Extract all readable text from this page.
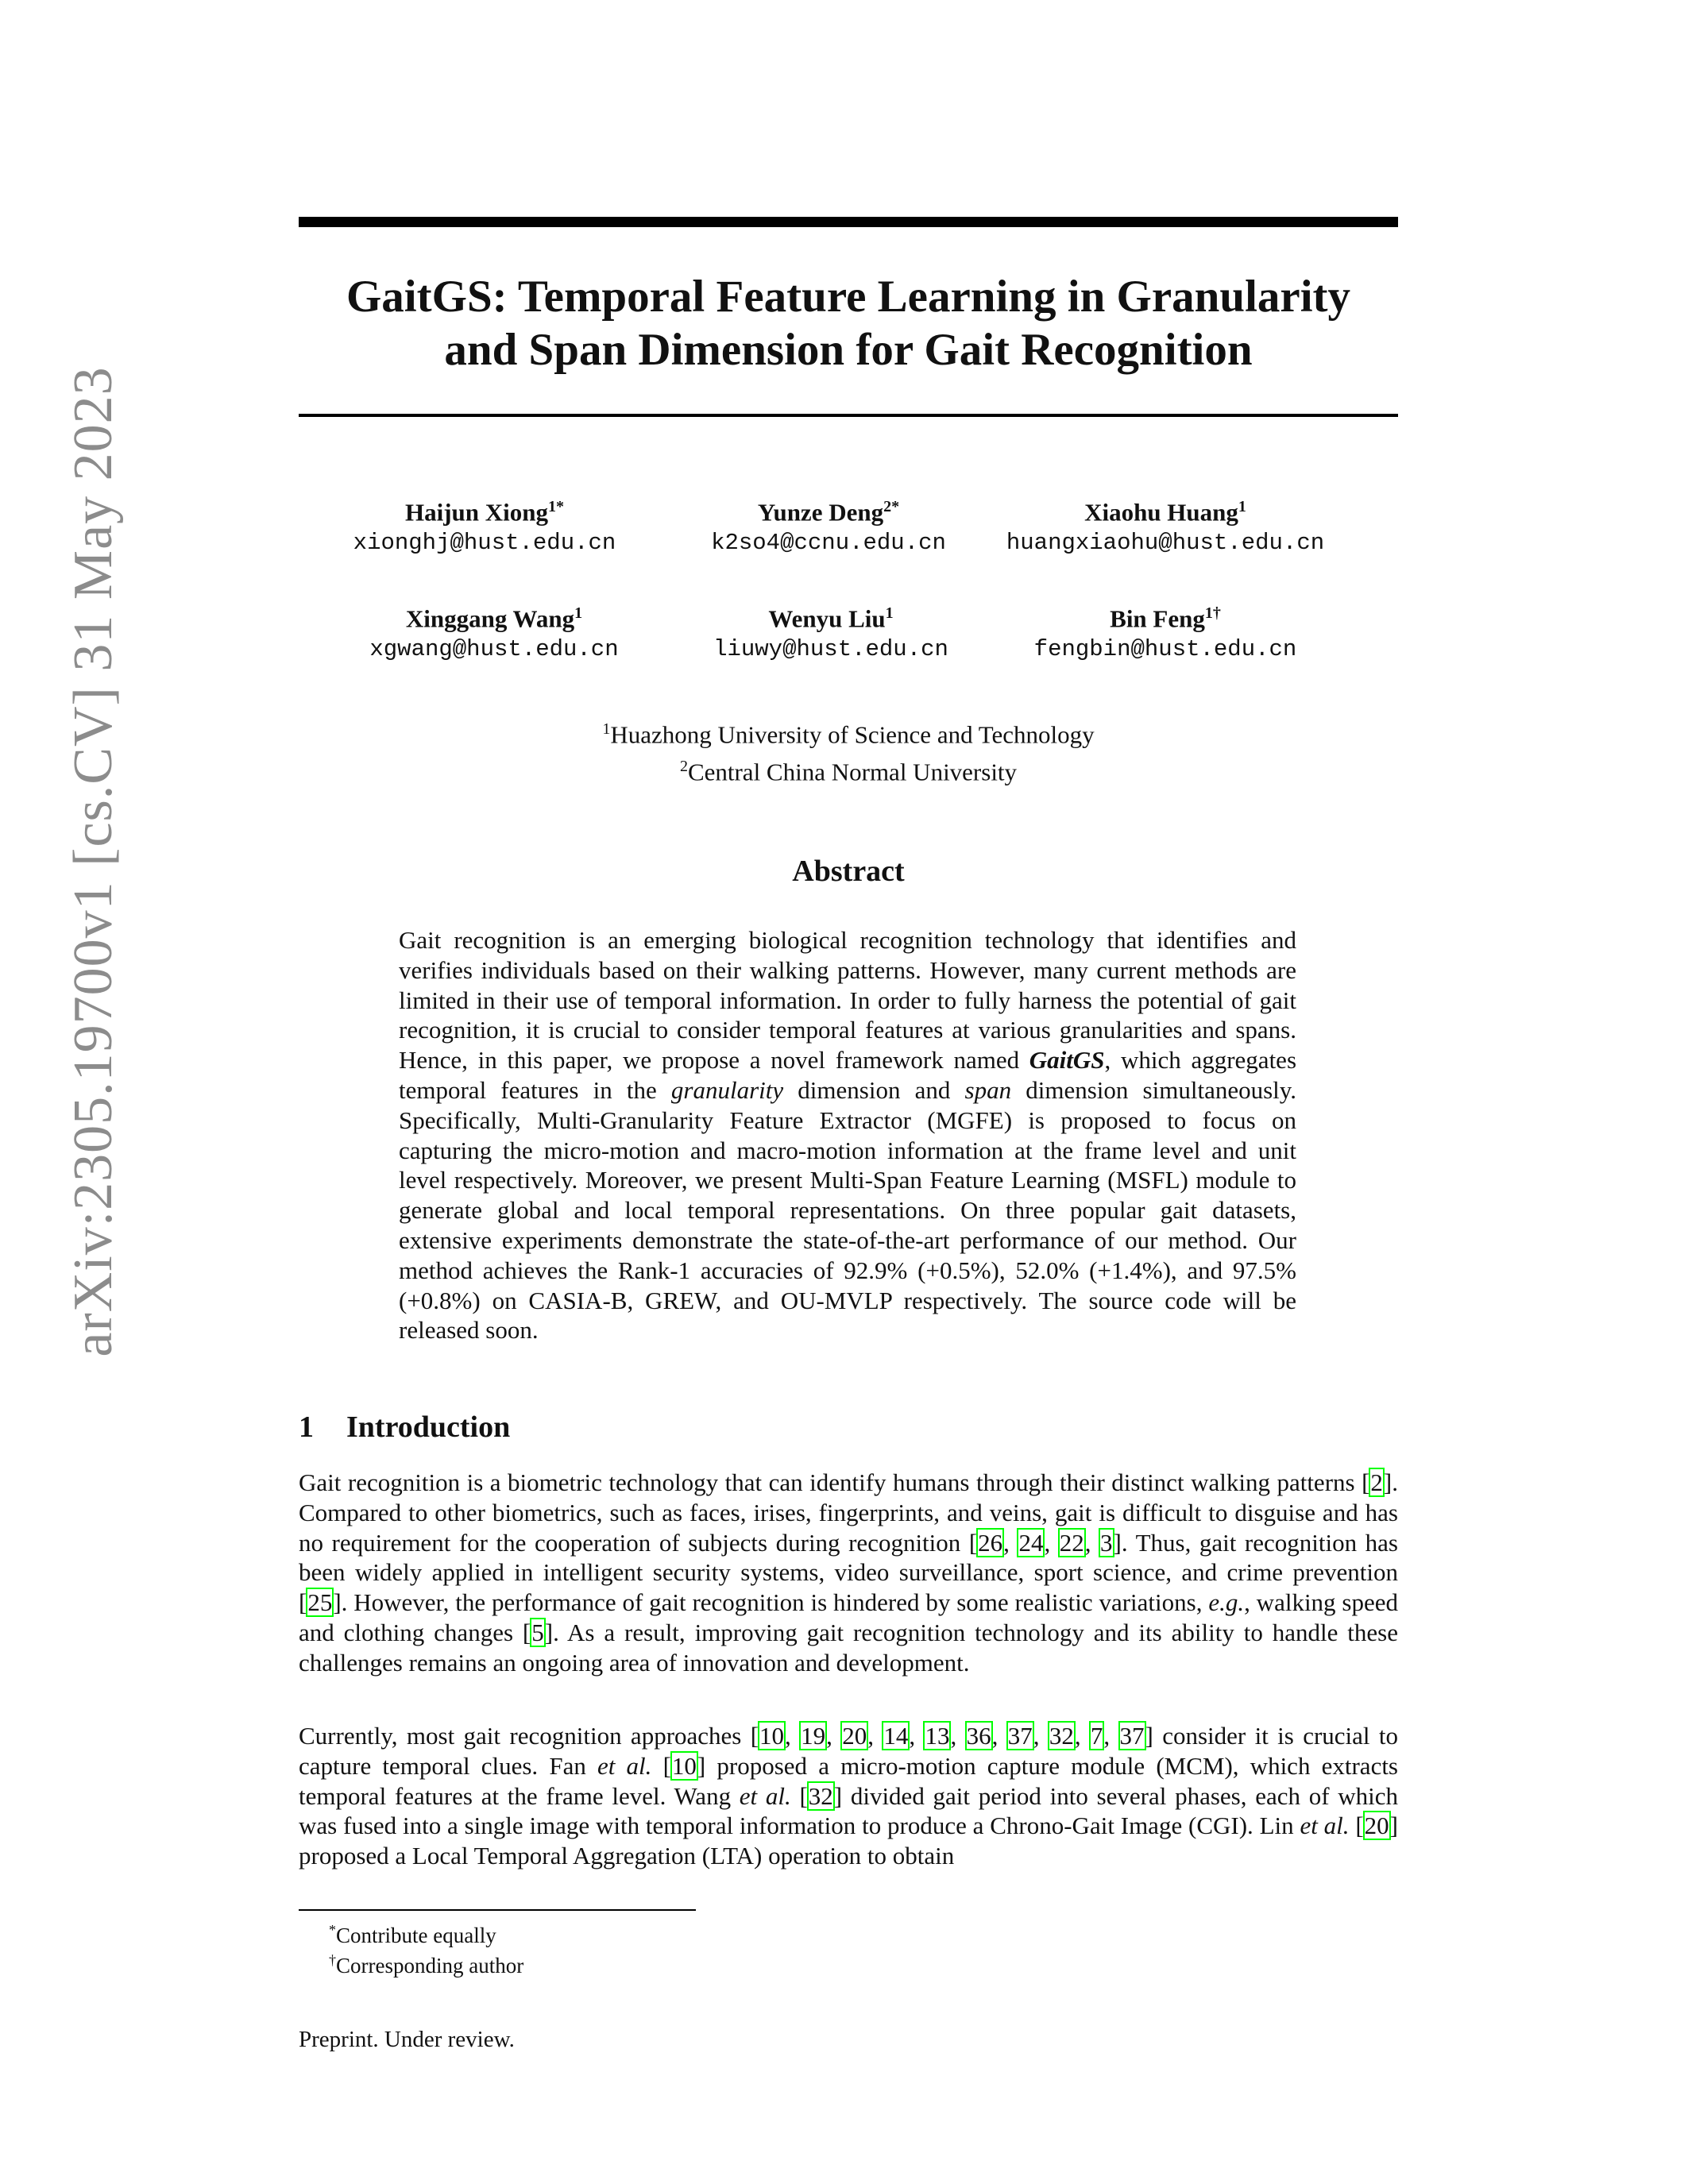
arXiv:2305.19700v1 [cs.CV] 31 May 2023
GaitGS: Temporal Feature Learning in Granularity
and Span Dimension for Gait Recognition
Haijun Xiong$^{1*}$
xionghj@hust.edu.cn
Yunze Deng$^{2*}$
k2so4@ccnu.edu.cn
Xiaohu Huang$^1$
huangxiaohu@hust.edu.cn
Xinggang Wang$^1$
xgwang@hust.edu.cn
Wenyu Liu$^1$
liuwy@hust.edu.cn
Bin Feng$^{1\dagger}$
fengbin@hust.edu.cn
$^1$Huazhong University of Science and Technology
$^2$Central China Normal University
Abstract
Gait recognition is an emerging biological recognition technology that identifies and verifies individuals based on their walking patterns. However, many current methods are limited in their use of temporal information. In order to fully harness the potential of gait recognition, it is crucial to consider temporal features at various granularities and spans. Hence, in this paper, we propose a novel framework named GaitGS, which aggregates temporal features in the granularity dimension and span dimension simultaneously. Specifically, Multi-Granularity Feature Extractor (MGFE) is proposed to focus on capturing the micro-motion and macro-motion information at the frame level and unit level respectively. Moreover, we present Multi-Span Feature Learning (MSFL) module to generate global and local temporal representations. On three popular gait datasets, extensive experiments demonstrate the state-of-the-art performance of our method. Our method achieves the Rank-1 accuracies of 92.9% (+0.5%), 52.0% (+1.4%), and 97.5% (+0.8%) on CASIA-B, GREW, and OU-MVLP respectively. The source code will be released soon.
1 Introduction
Gait recognition is a biometric technology that can identify humans through their distinct walking patterns [2]. Compared to other biometrics, such as faces, irises, fingerprints, and veins, gait is difficult to disguise and has no requirement for the cooperation of subjects during recognition [26, 24, 22, 3]. Thus, gait recognition has been widely applied in intelligent security systems, video surveillance, sport science, and crime prevention [25]. However, the performance of gait recognition is hindered by some realistic variations, e.g., walking speed and clothing changes [5]. As a result, improving gait recognition technology and its ability to handle these challenges remains an ongoing area of innovation and development.
Currently, most gait recognition approaches [10, 19, 20, 14, 13, 36, 37, 32, 7, 37] consider it is crucial to capture temporal clues. Fan et al. [10] proposed a micro-motion capture module (MCM), which extracts temporal features at the frame level. Wang et al. [32] divided gait period into several phases, each of which was fused into a single image with temporal information to produce a Chrono-Gait Image (CGI). Lin et al. [20] proposed a Local Temporal Aggregation (LTA) operation to obtain
*Contribute equally
†Corresponding author
Preprint. Under review.
